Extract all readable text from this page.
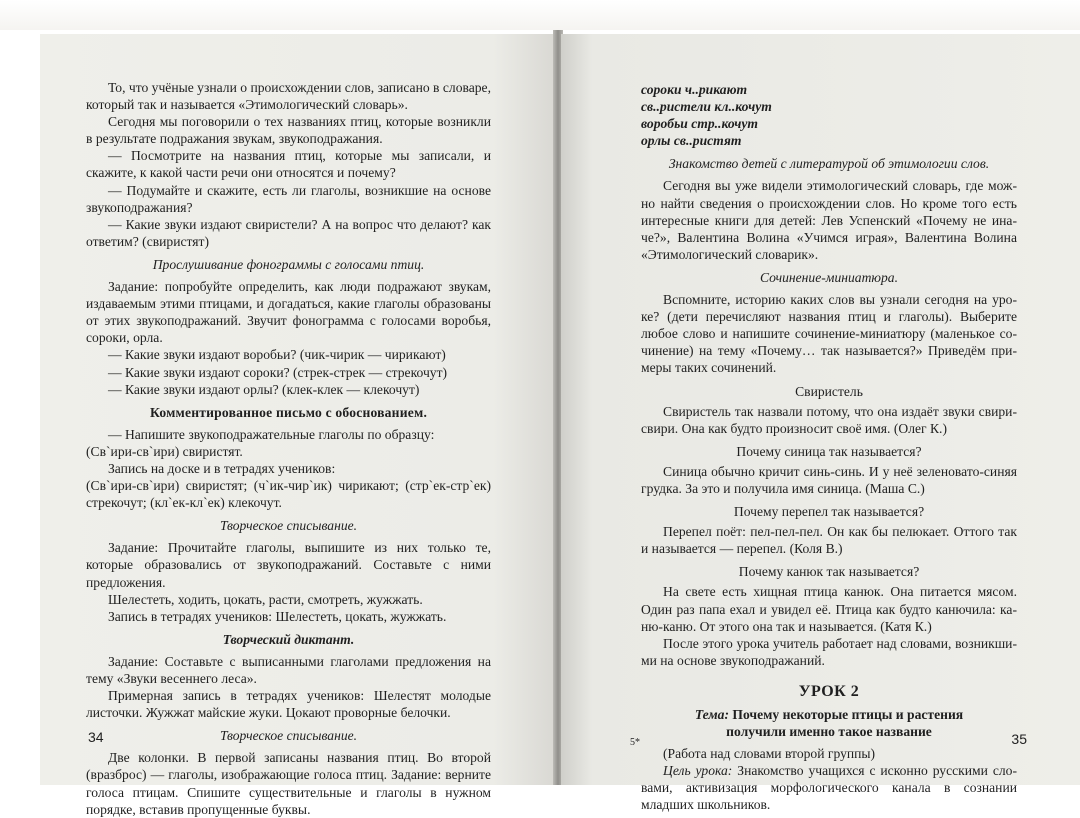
То, что учёные узнали о происхождении слов, записано в словаре, который так и называется «Этимологический словарь».

Сегодня мы поговорили о тех названиях птиц, которые возникли в результате подражания звукам, звукоподражания.

— Посмотрите на названия птиц, которые мы записали, и скажите, к какой части речи они относятся и почему?

— Подумайте и скажите, есть ли глаголы, возникшие на основе звукоподражания?

— Какие звуки издают свиристели? А на вопрос что делают? как ответим? (свиристят)

Прослушивание фонограммы с голосами птиц.

Задание: попробуйте определить, как люди подражают звукам, издаваемым этими птицами, и догадаться, какие глаголы образованы от этих звукоподражаний. Звучит фонограмма с голосами воробья, сороки, орла.

— Какие звуки издают воробьи? (чик-чирик — чирикают)

— Какие звуки издают сороки? (стрек-стрек — стрекочут)

— Какие звуки издают орлы? (клек-клек — клекочут)

Комментированное письмо с обоснованием.

— Напишите звукоподражательные глаголы по образцу:

(Св`ири-св`ири) свиристят.

Запись на доске и в тетрадях учеников:

(Св`ири-св`ири) свиристят; (ч`ик-чир`ик) чирикают; (стр`ек-стр`ек) стрекочут; (кл`ек-кл`ек) клекочут.

Творческое списывание.

Задание: Прочитайте глаголы, выпишите из них только те, которые образовались от звукоподражаний. Составьте с ними предложения.

Шелестеть, ходить, цокать, расти, смотреть, жужжать.

Запись в тетрадях учеников: Шелестеть, цокать, жужжать.

Творческий диктант.

Задание: Составьте с выписанными глаголами предложения на тему «Звуки весеннего леса».

Примерная запись в тетрадях учеников: Шелестят молодые листочки. Жужжат майские жуки. Цокают проворные белочки.

Творческое списывание.

Две колонки. В первой записаны названия птиц. Во второй (вразброс) — глаголы, изображающие голоса птиц. Задание: верните голоса птицам. Спишите существительные и глаголы в нужном порядке, вставив пропущенные буквы.

34

сороки ч..рикают

св..ристели кл..кочут

воробьи стр..кочут

орлы св..ристят

Знакомство детей с литературой об этимологии слов.

Сегодня вы уже видели этимологический словарь, где можно найти сведения о происхождении слов. Но кроме того есть интересные книги для детей: Лев Успенский «Почему не иначе?», Валентина Волина «Учимся играя», Валентина Волина «Этимологический словарик».

Сочинение-миниатюра.

Вспомните, историю каких слов вы узнали сегодня на уроке? (дети перечисляют названия птиц и глаголы). Выберите любое слово и напишите сочинение-миниатюру (маленькое сочинение) на тему «Почему… так называется?» Приведём примеры таких сочинений.

Свиристель

Свиристель так назвали потому, что она издаёт звуки свирисвири. Она как будто произносит своё имя. (Олег К.)

Почему синица так называется?

Синица обычно кричит синь-синь. И у неё зеленовато-синяя грудка. За это и получила имя синица. (Маша С.)

Почему перепел так называется?

Перепел поёт: пел-пел-пел. Он как бы пелюкает. Оттого так и называется — перепел. (Коля В.)

Почему канюк так называется?

На свете есть хищная птица канюк. Она питается мясом. Один раз папа ехал и увидел её. Птица как будто канючила: каню-каню. От этого она так и называется. (Катя К.)

После этого урока учитель работает над словами, возникшими на основе звукоподражаний.

УРОК 2
Тема: Почему некоторые птицы и растения
получили именно такое название

(Работа над словами второй группы)

Цель урока: Знакомство учащихся с исконно русскими словами, активизация морфологического канала в сознании младших школьников.

5*	35
